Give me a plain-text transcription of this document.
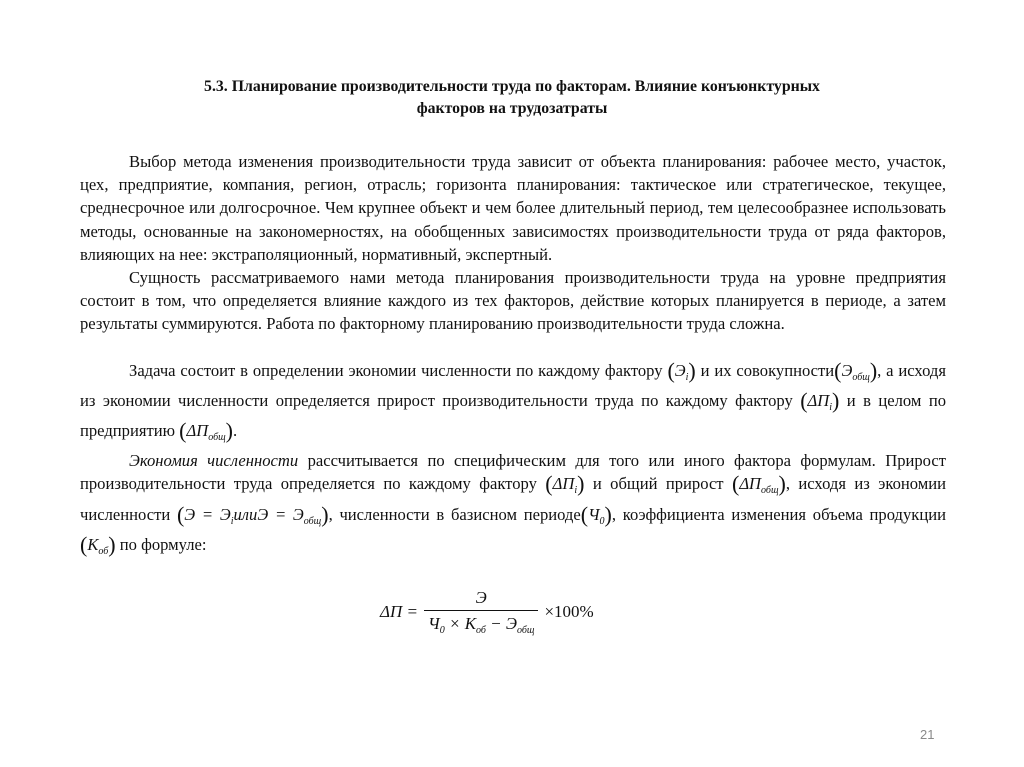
5.3. Планирование производительности труда по факторам. Влияние конъюнктурных
факторов на трудозатраты

Выбор метода изменения производительности труда зависит от объекта планирования: рабочее место, участок, цех, предприятие, компания, регион, отрасль; горизонта планирования: тактическое или стратегическое, текущее, среднесрочное или долгосрочное. Чем крупнее объект и чем более длительный период, тем целесообразнее использовать методы, основанные на закономерностях, на обобщенных зависимостях производительности труда от ряда факторов, влияющих на нее: экстраполяционный, нормативный, экспертный.

Сущность рассматриваемого нами метода планирования производительности труда на уровне предприятия состоит в том, что определяется влияние каждого из тех факторов, действие которых планируется в периоде, а затем результаты суммируются. Работа по факторному планированию производительности труда сложна.

Задача состоит в определении экономии численности по каждому фактору $(Э_i)$ и их $совокупности(Э_{общ})$, а исходя из экономии численности определяется прирост производительности труда по каждому фактору $(\Delta П_i)$ и в целом по предприятию $(\Delta П_{общ})$.

Экономия численности рассчитывается по специфическим для того или иного фактора формулам. Прирост производительности труда определяется по каждому фактору $(\Delta П_i)$ и общий прирост $(\Delta П_{общ})$, исходя из экономии численности $(Э = Э_iилиЭ = Э_{общ})$, численности в базисном $периоде(Ч_0)$, коэффициента изменения объема продукции $(К_{об})$ по формуле:

$\Delta П = \frac{Э}{Ч_0 \times К_{об} - Э_{общ}} \times 100\%$
21
